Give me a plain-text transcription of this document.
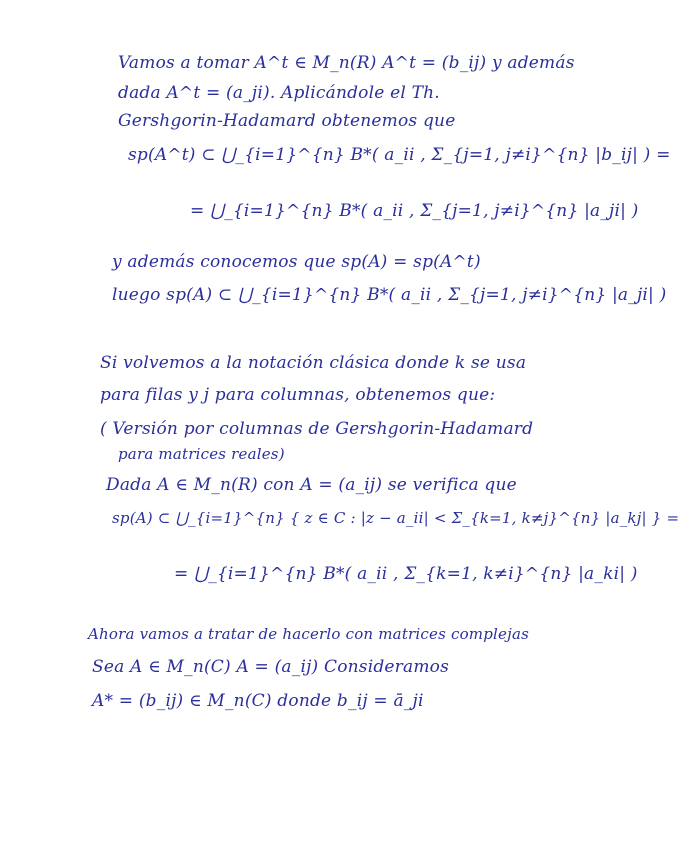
Vamos a tomar A^t ∈ M_n(R) A^t = (b_ij) y además
dada A^t = (a_ji). Aplicándole el Th.
Gershgorin-Hadamard obtenemos que
sp(A^t) ⊂ ⋃_{i=1}^{n} B*( a_ii , Σ_{j=1, j≠i}^{n} |b_ij| ) =
= ⋃_{i=1}^{n} B*( a_ii , Σ_{j=1, j≠i}^{n} |a_ji| )
y además conocemos que sp(A) = sp(A^t)
luego sp(A) ⊂ ⋃_{i=1}^{n} B*( a_ii , Σ_{j=1, j≠i}^{n} |a_ji| )
Si volvemos a la notación clásica donde k se usa
para filas y j para columnas, obtenemos que:
( Versión por columnas de Gershgorin-Hadamard
para matrices reales)
Dada A ∈ M_n(R) con A = (a_ij) se verifica que
sp(A) ⊂ ⋃_{i=1}^{n} { z ∈ C : |z − a_ii| < Σ_{k=1, k≠j}^{n} |a_kj| } =
= ⋃_{i=1}^{n} B*( a_ii , Σ_{k=1, k≠i}^{n} |a_ki| )
Ahora vamos a tratar de hacerlo con matrices complejas
Sea A ∈ M_n(C) A = (a_ij) Consideramos
A* = (b_ij) ∈ M_n(C) donde b_ij = ā_ji
